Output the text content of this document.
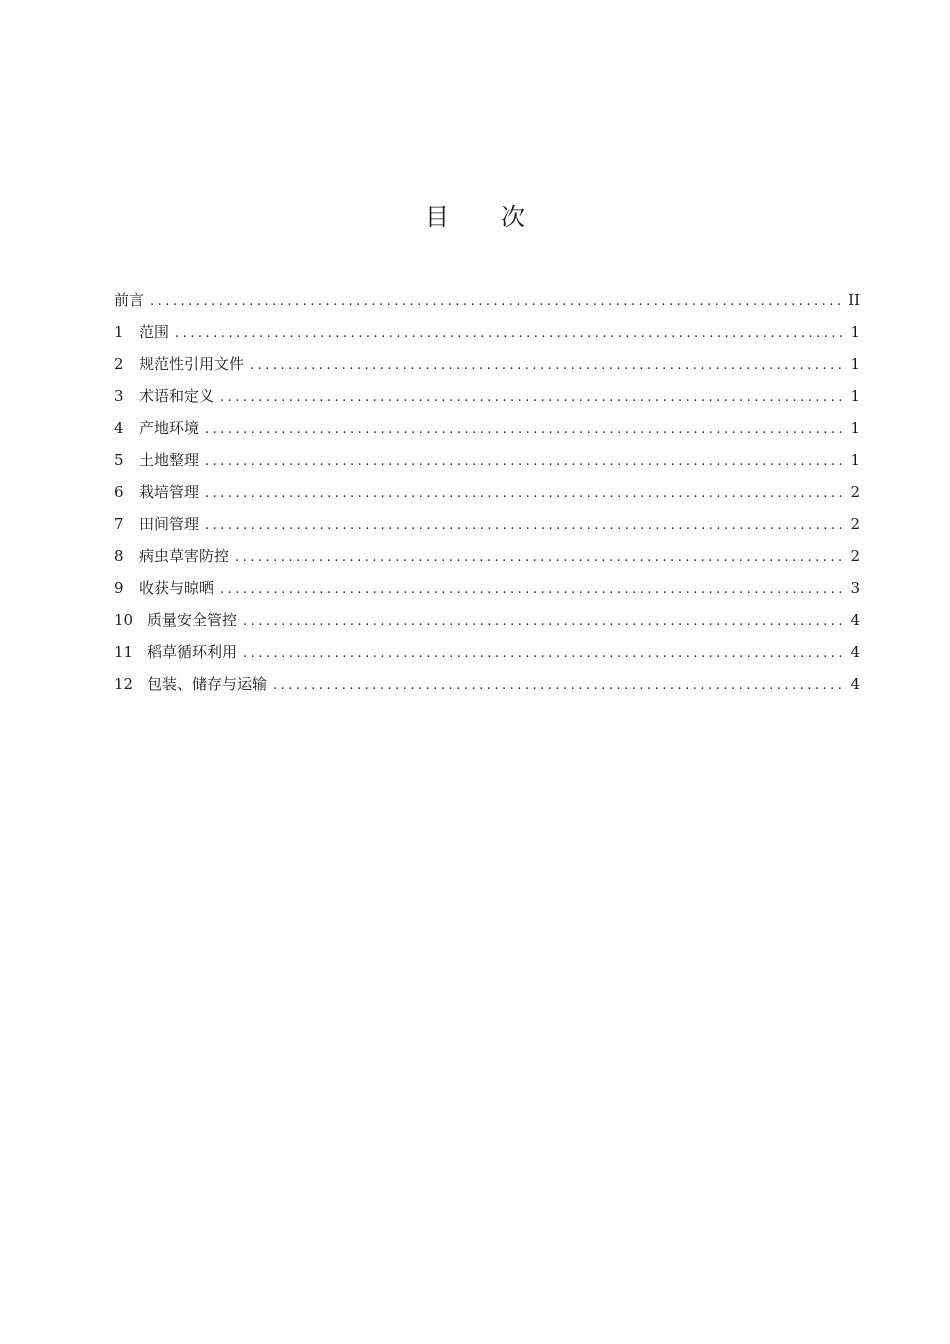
目 次
前言 .....	II
1	范围 .....	1
2	规范性引用文件 .....	1
3	术语和定义 .....	1
4	产地环境 .....	1
5	土地整理 .....	1
6	栽培管理 .....	2
7	田间管理 .....	2
8	病虫草害防控 .....	2
9	收获与晾晒 .....	3
10 质量安全管控 .....	4
11 稻草循环利用 .....	4
12 包装、储存与运输 .....	4
